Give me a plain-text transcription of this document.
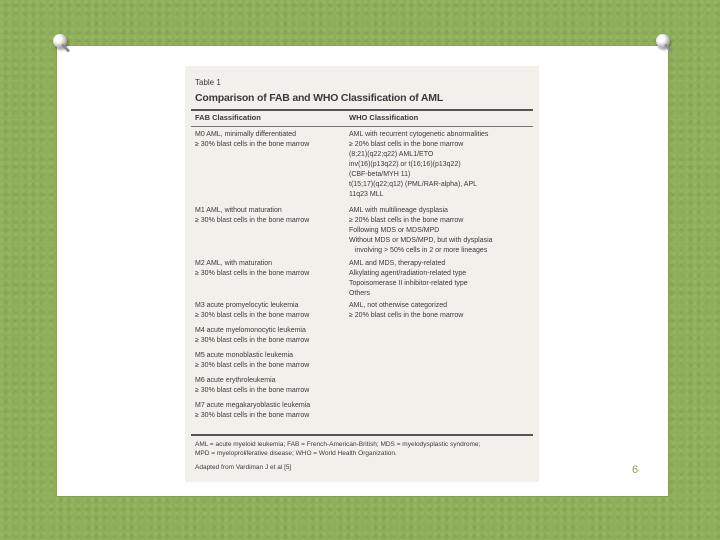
Table 1
Comparison of FAB and WHO Classification of AML
FAB Classification	WHO Classification
M0 AML, minimally differentiated
≥ 30% blast cells in the bone marrow
M1 AML, without maturation
≥ 30% blast cells in the bone marrow
M2 AML, with maturation
≥ 30% blast cells in the bone marrow
M3 acute promyelocytic leukemia
≥ 30% blast cells in the bone marrow
M4 acute myelomonocytic leukemia
≥ 30% blast cells in the bone marrow
M5 acute monoblastic leukemia
≥ 30% blast cells in the bone marrow
M6 acute erythroleukemia
≥ 30% blast cells in the bone marrow
M7 acute megakaryoblastic leukemia
≥ 30% blast cells in the bone marrow
AML with recurrent cytogenetic abnormalities
≥ 20% blast cells in the bone marrow
(8;21)(q22;q22) AML1/ETO
inv(16)(p13q22) or t(16;16)(p13q22)
(CBF-beta/MYH 11)
t(15;17)(q22;q12) (PML/RAR-alpha), APL
11q23 MLL
AML with multilineage dysplasia
≥ 20% blast cells in the bone marrow
Following MDS or MDS/MPD
Without MDS or MDS/MPD, but with dysplasia
involving > 50% cells in 2 or more lineages
AML and MDS, therapy-related
Alkylating agent/radiation-related type
Topoisomerase II inhibitor-related type
Others
AML, not otherwise categorized
≥ 20% blast cells in the bone marrow
AML = acute myeloid leukemia; FAB = French-American-British; MDS = myelodysplastic syndrome;
MPD = myeloproliferative disease; WHO = World Health Organization.
Adapted from Vardiman J et al [5]	6
